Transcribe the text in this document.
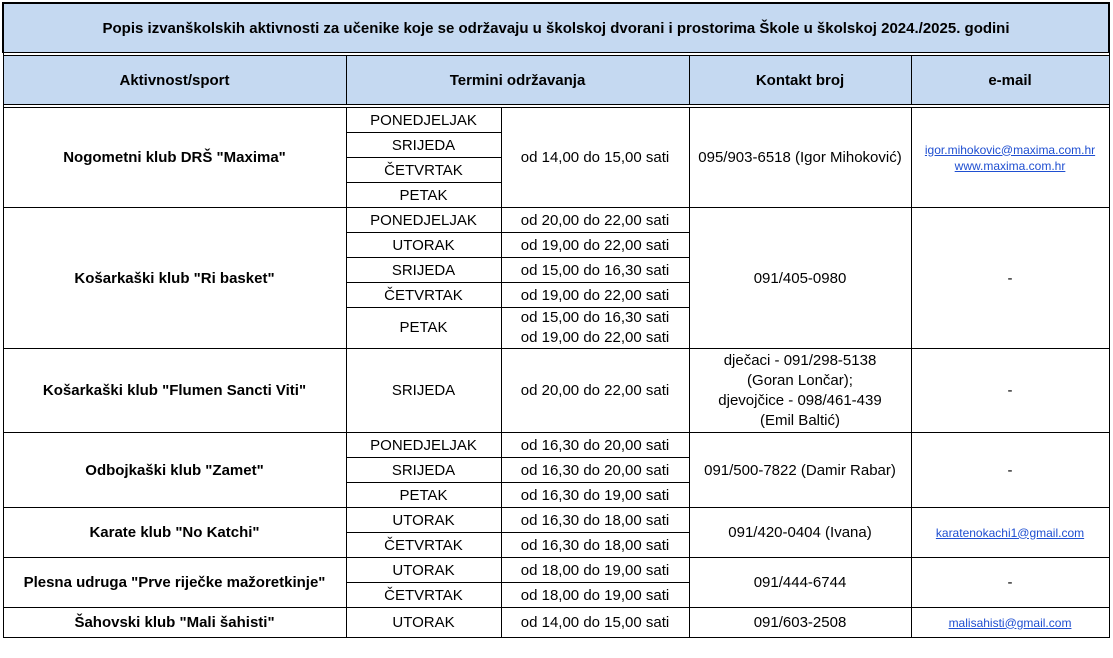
Popis izvanškolskih aktivnosti za učenike koje se održavaju u školskoj dvorani i prostorima Škole u školskoj 2024./2025. godini				

Aktivnost/sport	Termini održavanja		Kontakt broj	e-mail

Nogometni klub DRŠ "Maxima"	PONEDJELJAK	od 14,00 do 15,00 sati	095/903-6518 (Igor Mihoković)	igor.mihokovic@maxima.com.hr
www.maxima.com.hr

	SRIJEDA			
	ČETVRTAK			
	PETAK			
Košarkaški klub "Ri basket"	PONEDJELJAK	od 20,00 do 22,00 sati	091/405-0980	-
	UTORAK	od 19,00 do 22,00 sati		
	SRIJEDA	od 15,00 do 16,30 sati		
	ČETVRTAK	od 19,00 do 22,00 sati		
	PETAK	od 15,00 do 16,30 sati
od 19,00 do 22,00 sati		

Košarkaški klub "Flumen Sancti Viti"	SRIJEDA	od 20,00 do 22,00 sati	dječaci - 091/298-5138
(Goran Lončar);
djevojčice - 098/461-439
(Emil Baltić)	-
Odbojkaški klub "Zamet"	PONEDJELJAK	od 16,30 do 20,00 sati	091/500-7822 (Damir Rabar)	-
	SRIJEDA	od 16,30 do 20,00 sati		
	PETAK	od 16,30 do 19,00 sati		
Karate klub "No Katchi"	UTORAK	od 16,30 do 18,00 sati	091/420-0404 (Ivana)	karatenokachi1@gmail.com

	ČETVRTAK	od 16,30 do 18,00 sati		
Plesna udruga "Prve riječke mažoretkinje"	UTORAK	od 18,00 do 19,00 sati	091/444-6744	-
	ČETVRTAK	od 18,00 do 19,00 sati		
Šahovski klub "Mali šahisti"	UTORAK	od 14,00 do 15,00 sati	091/603-2508	malisahisti@gmail.com
